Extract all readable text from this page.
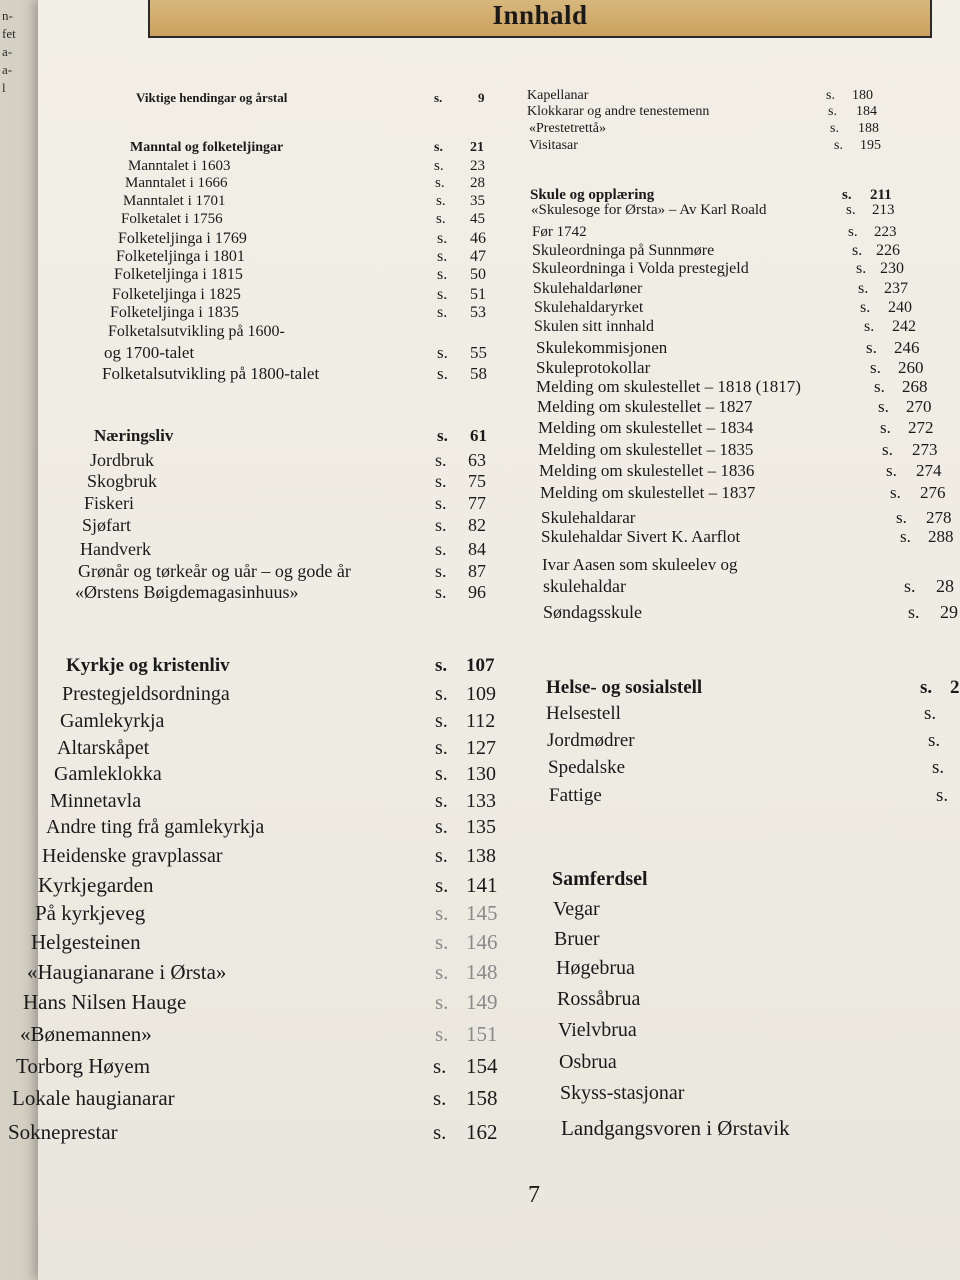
n-
fet
a-
a-
l
Innhald
Viktige hendingar og årstal	s.	9
Manntal og folketeljingar	s. 21
Manntalet i 1603	s. 23
Manntalet i 1666	s. 28
Manntalet i 1701	s. 35
Folketalet i 1756	s. 45
Folketeljinga i 1769	s. 46
Folketeljinga i 1801	s. 47
Folketeljinga i 1815	s. 50
Folketeljinga i 1825	s. 51
Folketeljinga i 1835	s. 53
Folketalsutvikling på 1600-
og 1700-talet	s. 55
Folketalsutvikling på 1800-talet	s. 58
Næringsliv	s. 61
Jordbruk	s. 63
Skogbruk	s. 75
Fiskeri	s. 77
Sjøfart	s. 82
Handverk	s. 84
Grønår og tørkeår og uår – og gode år	s. 87
«Ørstens Bøigdemagasinhuus»	s. 96
Kyrkje og kristenliv	s. 107
Prestegjeldsordninga	s. 109
Gamlekyrkja	s. 112
Altarskåpet	s. 127
Gamleklokka	s. 130
Minnetavla	s. 133
Andre ting frå gamlekyrkja	s. 135
Heidenske gravplassar	s. 138
Kyrkjegarden	s. 141
På kyrkjeveg	s. 145
Helgesteinen	s. 146
«Haugianarane i Ørsta»	s. 148
Hans Nilsen Hauge	s. 149
«Bønemannen»	s. 151
Torborg Høyem	s. 154
Lokale haugianarar	s. 158
Sokneprestar	s. 162
Kapellanar	s. 180
Klokkarar og andre tenestemenn	s. 184
«Prestetrettå»	s. 188
Visitasar	s. 195
Skule og opplæring	s. 211
«Skulesoge for Ørsta» – Av Karl Roald	s. 213
Før 1742	s. 223
Skuleordninga på Sunnmøre	s. 226
Skuleordninga i Volda prestegjeld	s. 230
Skulehaldarløner	s. 237
Skulehaldaryrket	s. 240
Skulen sitt innhald	s. 242
Skulekommisjonen	s. 246
Skuleprotokollar	s. 260
Melding om skulestellet – 1818 (1817)	s. 268
Melding om skulestellet – 1827	s. 270
Melding om skulestellet – 1834	s. 272
Melding om skulestellet – 1835	s. 273
Melding om skulestellet – 1836	s. 274
Melding om skulestellet – 1837	s. 276
Skulehaldarar	s. 278
Skulehaldar Sivert K. Aarflot	s. 288
Ivar Aasen som skuleelev og
skulehaldar	s. 28
Søndagsskule	s. 29
Helse- og sosialstell	s. 2
Helsestell	s.
Jordmødrer	s.
Spedalske	s.
Fattige	s.
Samferdsel
Vegar
Bruer
Høgebrua
Rossåbrua
Vielvbrua
Osbrua
Skyss-stasjonar
Landgangsvoren i Ørstavik
7
